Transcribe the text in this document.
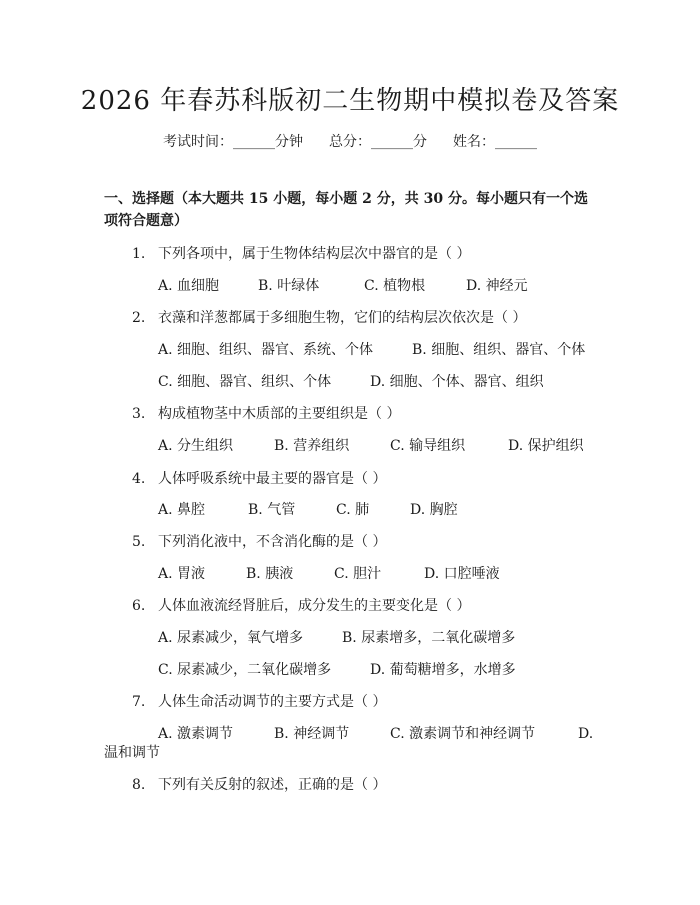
2026 年春苏科版初二生物期中模拟卷及答案
考试时间：______分钟 总分：______分 姓名：______
一、选择题（本大题共 15 小题，每小题 2 分，共 30 分。每小题只有一个选项符合题意）
1. 下列各项中，属于生物体结构层次中器官的是（ ）
A. 血细胞	B. 叶绿体	C. 植物根	D. 神经元
2. 衣藻和洋葱都属于多细胞生物，它们的结构层次依次是（ ）
A. 细胞、组织、器官、系统、个体	B. 细胞、组织、器官、个体
C. 细胞、器官、组织、个体	D. 细胞、个体、器官、组织
3. 构成植物茎中木质部的主要组织是（ ）
A. 分生组织	B. 营养组织	C. 输导组织	D. 保护组织
4. 人体呼吸系统中最主要的器官是（ ）
A. 鼻腔	B. 气管	C. 肺	D. 胸腔
5. 下列消化液中，不含消化酶的是（ ）
A. 胃液	B. 胰液	C. 胆汁	D. 口腔唾液
6. 人体血液流经肾脏后，成分发生的主要变化是（ ）
A. 尿素减少，氧气增多	B. 尿素增多，二氧化碳增多
C. 尿素减少，二氧化碳增多	D. 葡萄糖增多，水增多
7. 人体生命活动调节的主要方式是（ ）
A. 激素调节	B. 神经调节	C. 激素调节和神经调节	D.
温和调节
8. 下列有关反射的叙述，正确的是（ ）
